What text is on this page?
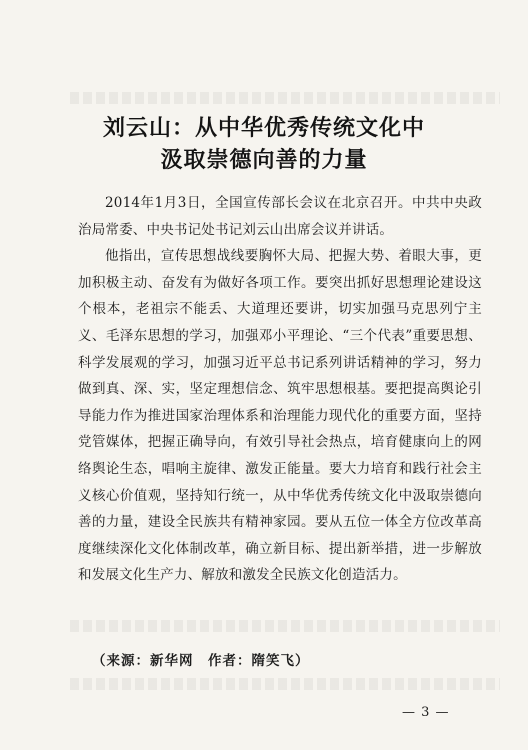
刘云山：从中华优秀传统文化中
汲取崇德向善的力量

2014年1月3日，全国宣传部长会议在北京召开。中共中央政治局常委、中央书记处书记刘云山出席会议并讲话。

他指出，宣传思想战线要胸怀大局、把握大势、着眼大事，更加积极主动、奋发有为做好各项工作。要突出抓好思想理论建设这个根本，老祖宗不能丢、大道理还要讲，切实加强马克思列宁主义、毛泽东思想的学习，加强邓小平理论、“三个代表”重要思想、科学发展观的学习，加强习近平总书记系列讲话精神的学习，努力做到真、深、实，坚定理想信念、筑牢思想根基。要把提高舆论引导能力作为推进国家治理体系和治理能力现代化的重要方面，坚持党管媒体，把握正确导向，有效引导社会热点，培育健康向上的网络舆论生态，唱响主旋律、激发正能量。要大力培育和践行社会主义核心价值观，坚持知行统一，从中华优秀传统文化中汲取崇德向善的力量，建设全民族共有精神家园。要从五位一体全方位改革高度继续深化文化体制改革，确立新目标、提出新举措，进一步解放和发展文化生产力、解放和激发全民族文化创造活力。

（来源：新华网　作者：隋笑飞）
— 3 —
